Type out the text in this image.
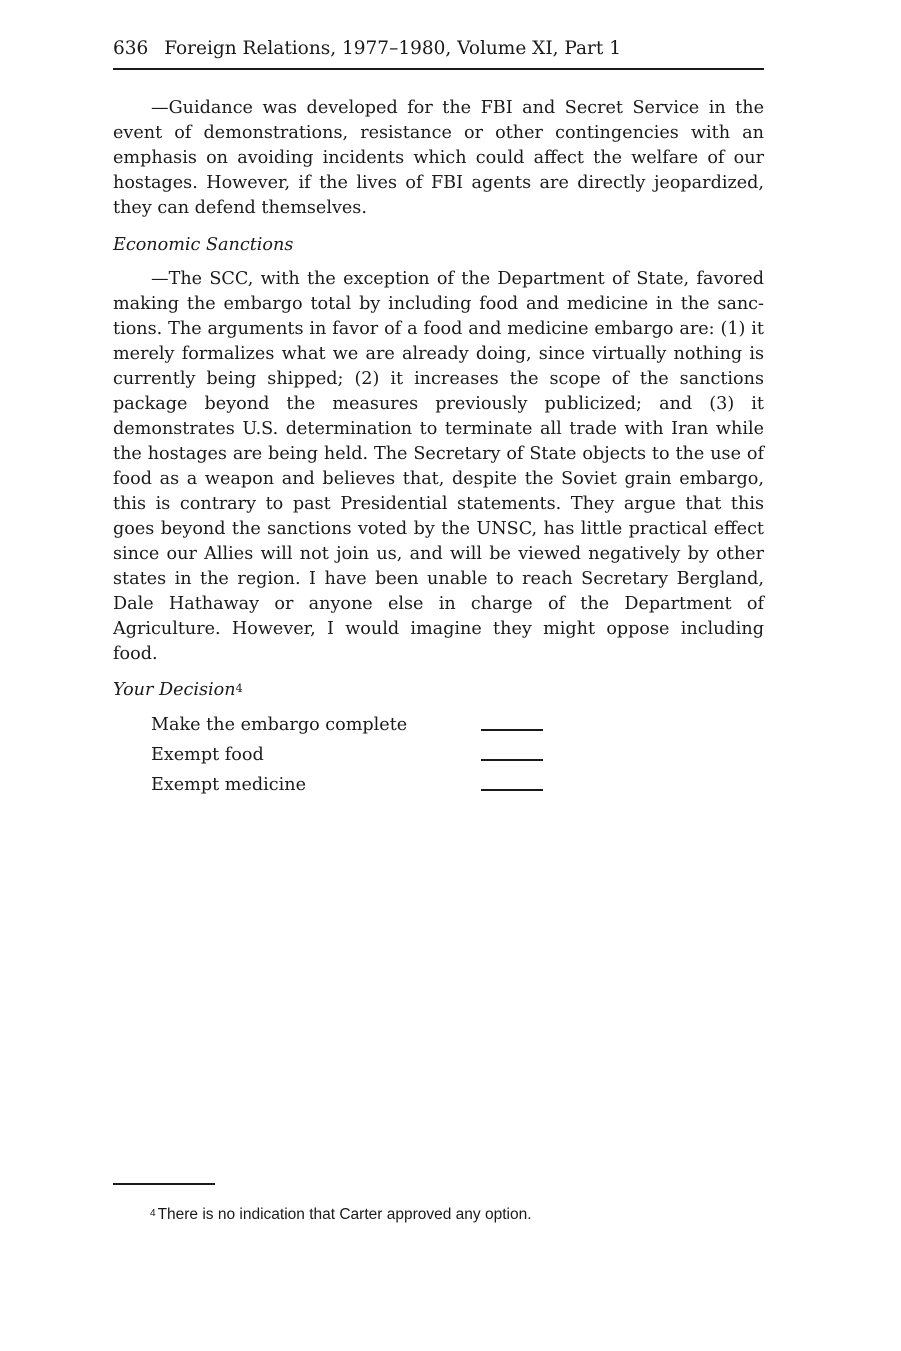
636 Foreign Relations, 1977–1980, Volume XI, Part 1

—Guidance was developed for the FBI and Secret Service in the event of demonstrations, resistance or other contingencies with an emphasis on avoiding incidents which could affect the welfare of our hostages. However, if the lives of FBI agents are directly jeopardized, they can defend themselves.

Economic Sanctions

—The SCC, with the exception of the Department of State, favored making the embargo total by including food and medicine in the sanctions. The arguments in favor of a food and medicine embargo are: (1) it merely formalizes what we are already doing, since virtually nothing is currently being shipped; (2) it increases the scope of the sanctions package beyond the measures previously publicized; and (3) it demonstrates U.S. determination to terminate all trade with Iran while the hostages are being held. The Secretary of State objects to the use of food as a weapon and believes that, despite the Soviet grain embargo, this is contrary to past Presidential statements. They argue that this goes beyond the sanctions voted by the UNSC, has little practical effect since our Allies will not join us, and will be viewed negatively by other states in the region. I have been unable to reach Secretary Bergland, Dale Hathaway or anyone else in charge of the Department of Agriculture. However, I would imagine they might oppose including food.

Your Decision$^4$
Make the embargo complete
Exempt food
Exempt medicine
$^4$ There is no indication that Carter approved any option.
